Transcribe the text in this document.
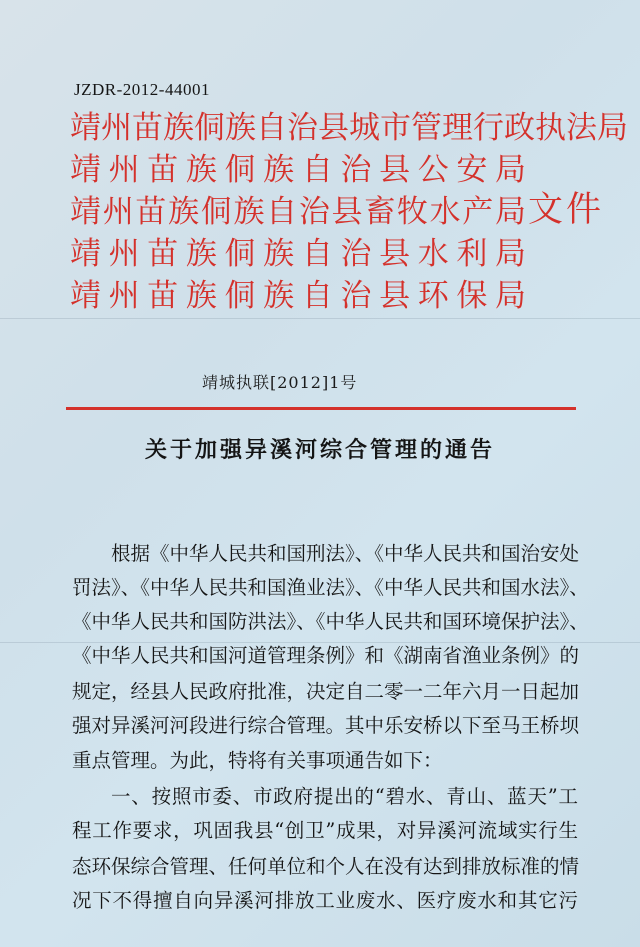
JZDR-2012-44001
靖州苗族侗族自治县城市管理行政执法局
靖州苗族侗族自治县公安局
靖州苗族侗族自治县畜牧水产局
靖州苗族侗族自治县水利局
靖州苗族侗族自治县环保局
文件
靖城执联[2012]1号
关于加强异溪河综合管理的通告
根据《中华人民共和国刑法》、《中华人民共和国治安处
罚法》、《中华人民共和国渔业法》、《中华人民共和国水法》、
《中华人民共和国防洪法》、《中华人民共和国环境保护法》、
《中华人民共和国河道管理条例》和《湖南省渔业条例》的
规定，经县人民政府批准，决定自二零一二年六月一日起加
强对异溪河河段进行综合管理。其中乐安桥以下至马王桥坝
重点管理。为此，特将有关事项通告如下：
一、按照市委、市政府提出的“碧水、青山、蓝天”工
程工作要求，巩固我县“创卫”成果，对异溪河流域实行生
态环保综合管理、任何单位和个人在没有达到排放标准的情
况下不得擅自向异溪河排放工业废水、医疗废水和其它污
